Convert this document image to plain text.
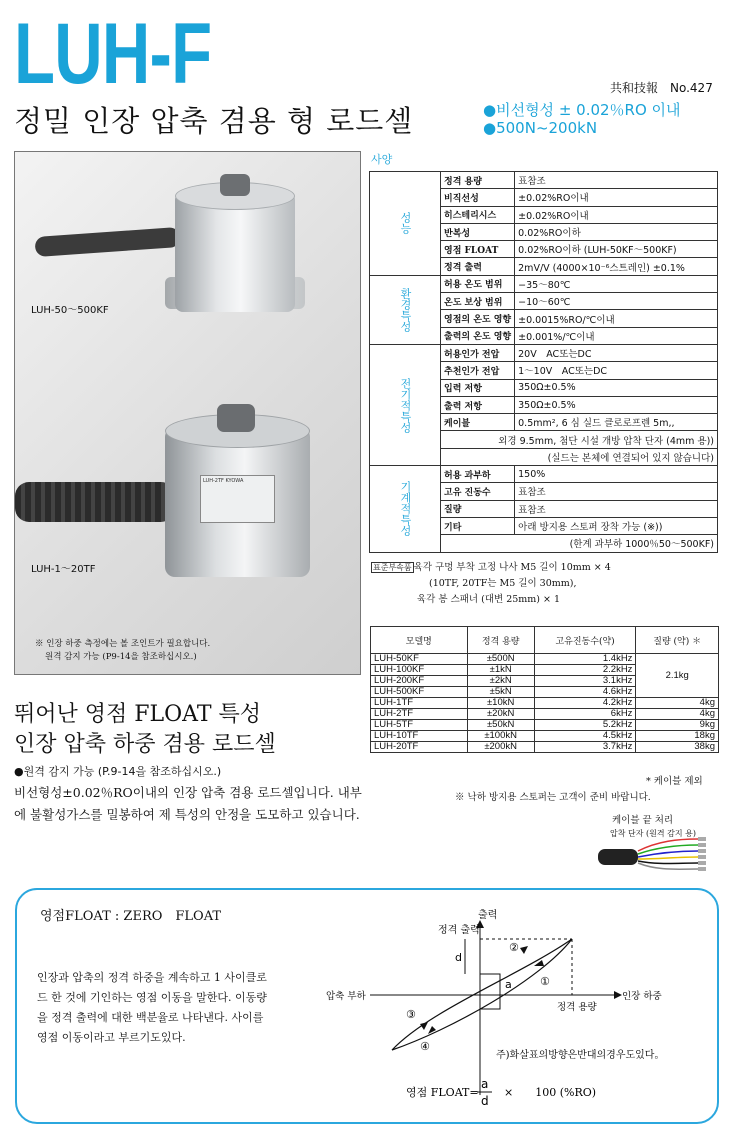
LUH-F
정밀 인장 압축 겸용 형 로드셀
共和技報　No.427
●비선형성 ± 0.02％RO 이내
●500N~200kN
LUH-2TF KYOWA
LUH-50～500KF
LUH-1～20TF
※ 인장 하중 측정에는 볼 조인트가 필요합니다.
원격 감지 가능 (P9-14을 참조하십시오.)
뛰어난 영점 FLOAT 특성
인장 압축 하중 겸용 로드셀
●원격 감지 가능 (P.9-14을 참조하십시오.)
비선형성±0.02％RO이내의 인장 압축 겸용 로드셀입니다. 내부에 불활성가스를 밀봉하여 제 특성의 안정을 도모하고 있습니다.
사양
성능	정격 용량	표참조
	비직선성	±0.02%RO이내
	히스테리시스	±0.02%RO이내
	반복성	0.02%RO이하
	영점 FLOAT	0.02%RO이하 (LUH-50KF～500KF)
	정격 출력	2mV/V (4000×10⁻⁶스트레인) ±0.1%
환경특성	허용 온도 범위	−35～80℃
	온도 보상 범위	−10～60℃
	영점의 온도 영향	±0.0015%RO/℃이내
	출력의 온도 영향	±0.001%/℃이내
전기적특성	허용인가 전압	20V　AC또는DC
	추천인가 전압	1～10V　AC또는DC
	입력 저항	350Ω±0.5%
	출력 저항	350Ω±0.5%
	케이블	0.5mm², 6 심 실드 클로로프렌 5m,,
	외경 9.5mm, 첨단 시설 개방 압착 단자 (4mm 용))	
	(실드는 본체에 연결되어 있지 않습니다)	
기계적특성	허용 과부하	150%
	고유 진동수	표참조
	질량	표참조
	기타	아래 방지용 스토퍼 장착 가능 (※))
	(한계 과부하 1000％50～500KF)	
표준부속품 육각 구멍 부착 고정 나사 M5 길이 10mm × 4
(10TF, 20TF는 M5 길이 30mm),
육각 봉 스패너 (대변 25mm) × 1
모델명	정격 용량	고유진동수(약)	질량 (약) ＊
LUH-50KF	±500N	1.4kHz	2.1kg
LUH-100KF	±1kN	2.2kHz	
LUH-200KF	±2kN	3.1kHz	
LUH-500KF	±5kN	4.6kHz	
LUH-1TF	±10kN	4.2kHz	4kg
LUH-2TF	±20kN	6kHz	4kg
LUH-5TF	±50kN	5.2kHz	9kg
LUH-10TF	±100kN	4.5kHz	18kg
LUH-20TF	±200kN	3.7kHz	38kg
* 케이블 제외
※ 낙하 방지용 스토퍼는 고객이 준비 바랍니다.
케이블 끝 처리
압착 단자 (원격 감지 용)
영점FLOAT : ZERO　FLOAT
인장과 압축의 정격 하중을 계속하고 1 사이클로드 한 것에 기인하는 영점 이동을 말한다. 이동량을 정격 출력에 대한 백분율로 나타낸다. 사이를 영점 이동이라고 부르기도있다.
출력
정격 출력
압축 부하	인장 하중
정격 용량
d
a
②
①
③
④
주)화살표의방향은반대의경우도있다。
영점 FLOAT=
a
d
×　　100 (%RO)
